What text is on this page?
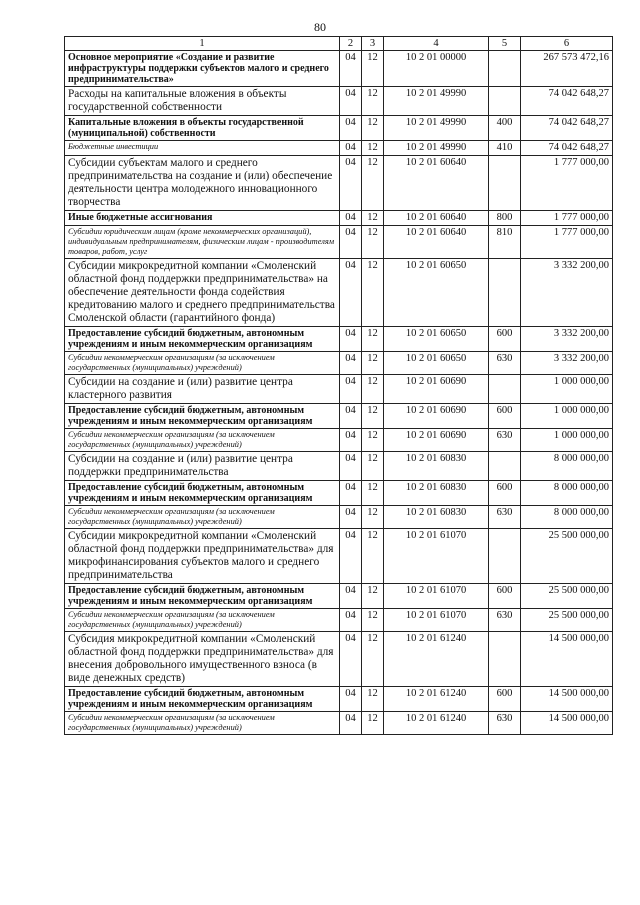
80
1	2	3	4	5	6
Основное мероприятие «Создание и развитие инфраструктуры поддержки субъектов малого и среднего предпринимательства»	04	12	10 2 01 00000		267 573 472,16
Расходы на капитальные вложения в объекты государственной собственности	04	12	10 2 01 49990		74 042 648,27
Капитальные вложения в объекты государственной (муниципальной) собственности	04	12	10 2 01 49990	400	74 042 648,27
Бюджетные инвестиции	04	12	10 2 01 49990	410	74 042 648,27
Субсидии субъектам малого и среднего предпринимательства на создание и (или) обеспечение деятельности центра молодежного инновационного творчества	04	12	10 2 01 60640		1 777 000,00
Иные бюджетные ассигнования	04	12	10 2 01 60640	800	1 777 000,00
Субсидии юридическим лицам (кроме некоммерческих организаций), индивидуальным предпринимателям, физическим лицам - производителям товаров, работ, услуг	04	12	10 2 01 60640	810	1 777 000,00
Субсидии микрокредитной компании «Смоленский областной фонд поддержки предпринимательства» на обеспечение деятельности фонда содействия кредитованию малого и среднего предпринимательства Смоленской области (гарантийного фонда)	04	12	10 2 01 60650		3 332 200,00
Предоставление субсидий бюджетным, автономным учреждениям и иным некоммерческим организациям	04	12	10 2 01 60650	600	3 332 200,00
Субсидии некоммерческим организациям (за исключением государственных (муниципальных) учреждений)	04	12	10 2 01 60650	630	3 332 200,00
Субсидии на создание и (или) развитие центра кластерного развития	04	12	10 2 01 60690		1 000 000,00
Предоставление субсидий бюджетным, автономным учреждениям и иным некоммерческим организациям	04	12	10 2 01 60690	600	1 000 000,00
Субсидии некоммерческим организациям (за исключением государственных (муниципальных) учреждений)	04	12	10 2 01 60690	630	1 000 000,00
Субсидии на создание и (или) развитие центра поддержки предпринимательства	04	12	10 2 01 60830		8 000 000,00
Предоставление субсидий бюджетным, автономным учреждениям и иным некоммерческим организациям	04	12	10 2 01 60830	600	8 000 000,00
Субсидии некоммерческим организациям (за исключением государственных (муниципальных) учреждений)	04	12	10 2 01 60830	630	8 000 000,00
Субсидии микрокредитной компании «Смоленский областной фонд поддержки предпринимательства» для микрофинансирования субъектов малого и среднего предпринимательства	04	12	10 2 01 61070		25 500 000,00
Предоставление субсидий бюджетным, автономным учреждениям и иным некоммерческим организациям	04	12	10 2 01 61070	600	25 500 000,00
Субсидии некоммерческим организациям (за исключением государственных (муниципальных) учреждений)	04	12	10 2 01 61070	630	25 500 000,00
Субсидия микрокредитной компании «Смоленский областной фонд поддержки предпринимательства» для внесения добровольного имущественного взноса (в виде денежных средств)	04	12	10 2 01 61240		14 500 000,00
Предоставление субсидий бюджетным, автономным учреждениям и иным некоммерческим организациям	04	12	10 2 01 61240	600	14 500 000,00
Субсидии некоммерческим организациям (за исключением государственных (муниципальных) учреждений)	04	12	10 2 01 61240	630	14 500 000,00
